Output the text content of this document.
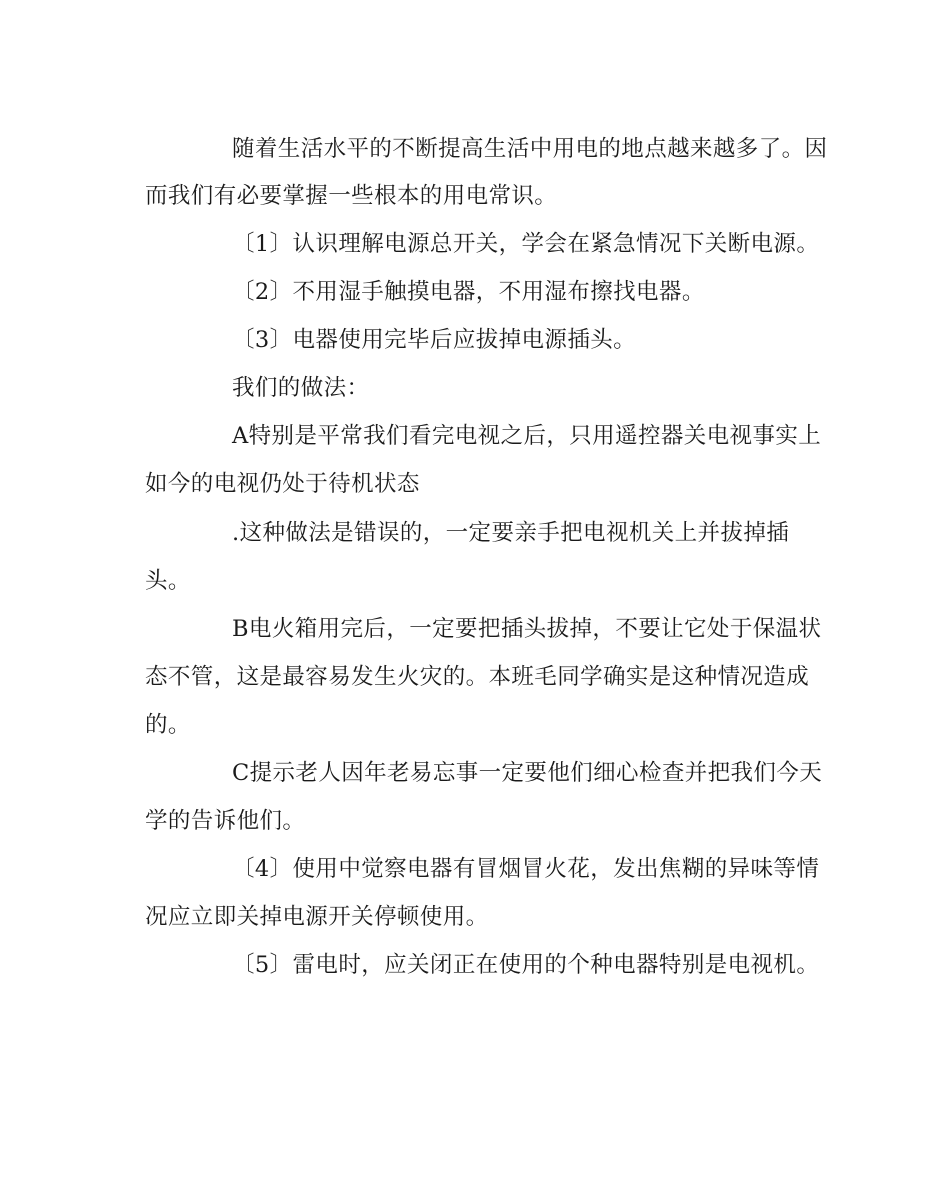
随着生活水平的不断提高生活中用电的地点越来越多了。因
而我们有必要掌握一些根本的用电常识。
〔1〕认识理解电源总开关，学会在紧急情况下关断电源。
〔2〕不用湿手触摸电器，不用湿布擦找电器。
〔3〕电器使用完毕后应拔掉电源插头。
我们的做法：
A特别是平常我们看完电视之后，只用遥控器关电视事实上
如今的电视仍处于待机状态
.这种做法是错误的，一定要亲手把电视机关上并拔掉插
头。
B电火箱用完后，一定要把插头拔掉，不要让它处于保温状
态不管，这是最容易发生火灾的。本班毛同学确实是这种情况造成
的。
C提示老人因年老易忘事一定要他们细心检查并把我们今天
学的告诉他们。
〔4〕使用中觉察电器有冒烟冒火花，发出焦糊的异味等情
况应立即关掉电源开关停顿使用。
〔5〕雷电时，应关闭正在使用的个种电器特别是电视机。
